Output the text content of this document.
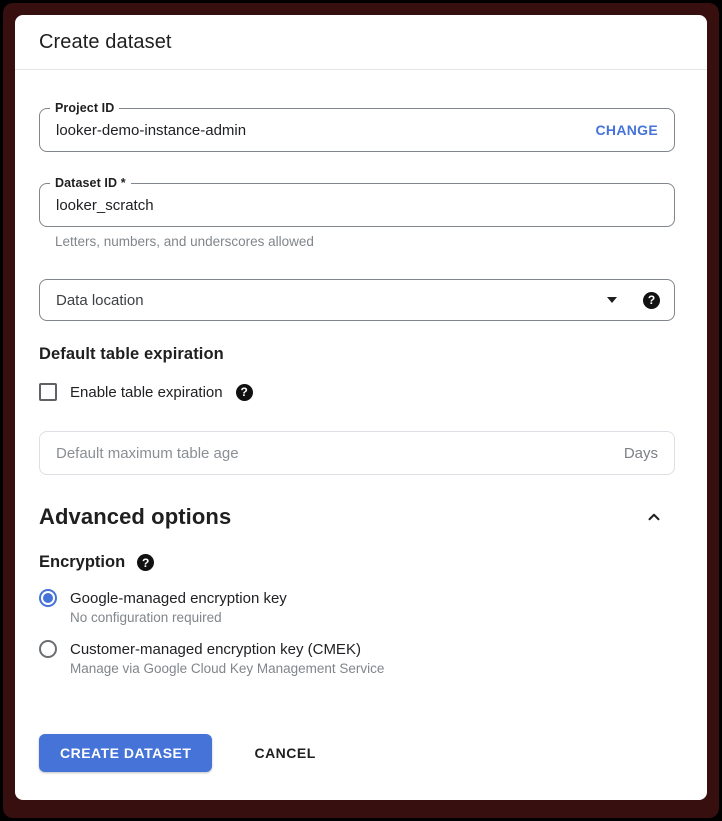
Create dataset
Project ID
looker-demo-instance-admin
CHANGE
Dataset ID *
looker_scratch
Letters, numbers, and underscores allowed
Data location	?
Default table expiration
Enable table expiration	?
Default maximum table age
Days
Advanced options
Encryption	?
Google-managed encryption key
No configuration required
Customer-managed encryption key (CMEK)
Manage via Google Cloud Key Management Service
CREATE DATASET	CANCEL
